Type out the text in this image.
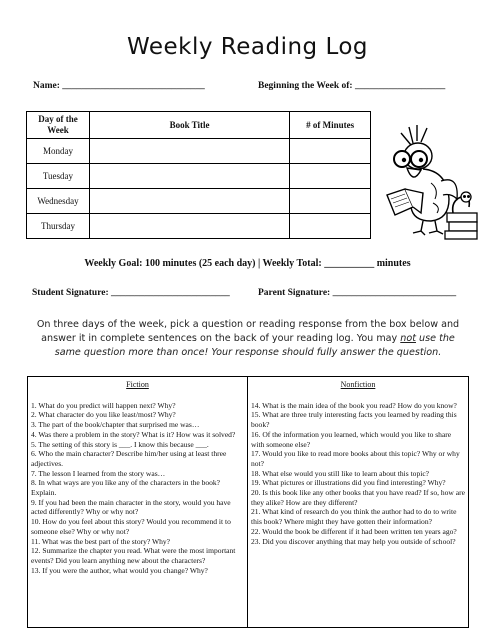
Weekly Reading Log
Name: ______________________________	Beginning the Week of: ___________________
Day of the Week	Book Title	# of Minutes
Monday		
Tuesday		
Wednesday		
Thursday		
Weekly Goal: 100 minutes (25 each day) | Weekly Total: __________ minutes
Student Signature: _________________________	Parent Signature: __________________________
On three days of the week, pick a question or reading response from the box below and answer it in complete sentences on the back of your reading log. You may not use the same question more than once! Your response should fully answer the question.
Fiction

1. What do you predict will happen next? Why?

2. What character do you like least/most? Why?

3. The part of the book/chapter that surprised me was…

4. Was there a problem in the story? What is it? How was it solved?

5. The setting of this story is ___. I know this because ___.

6. Who the main character? Describe him/her using at least three adjectives.

7. The lesson I learned from the story was…

8. In what ways are you like any of the characters in the book? Explain.

9. If you had been the main character in the story, would you have acted differently? Why or why not?

10. How do you feel about this story? Would you recommend it to someone else? Why or why not?

11. What was the best part of the story? Why?

12. Summarize the chapter you read. What were the most important events? Did you learn anything new about the characters?

13. If you were the author, what would you change? Why?

Nonfiction

14. What is the main idea of the book you read? How do you know?

15. What are three truly interesting facts you learned by reading this book?

16. Of the information you learned, which would you like to share with someone else?

17. Would you like to read more books about this topic? Why or why not?

18. What else would you still like to learn about this topic?

19. What pictures or illustrations did you find interesting? Why?

20. Is this book like any other books that you have read? If so, how are they alike? How are they different?

21. What kind of research do you think the author had to do to write this book? Where might they have gotten their information?

22. Would the book be different if it had been written ten years ago?

23. Did you discover anything that may help you outside of school?
